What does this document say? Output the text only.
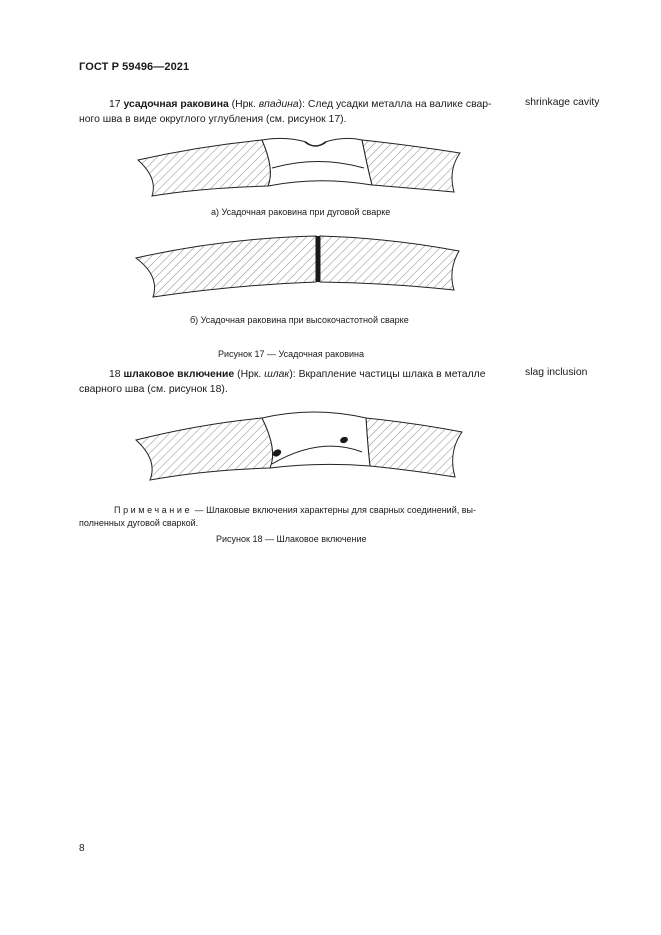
ГОСТ Р 59496—2021
17 усадочная раковина (Нрк. впадина): След усадки металла на валике свар-
ного шва в виде округлого углубления (см. рисунок 17).
shrinkage cavity
а) Усадочная раковина при дуговой сварке
б) Усадочная раковина при высокочастотной сварке
Рисунок 17 — Усадочная раковина
18 шлаковое включение (Нрк. шлак): Вкрапление частицы шлака в металле
сварного шва (см. рисунок 18).
slag inclusion
Примечание — Шлаковые включения характерны для сварных соединений, вы-
полненных дуговой сваркой.
Рисунок 18 — Шлаковое включение
8
